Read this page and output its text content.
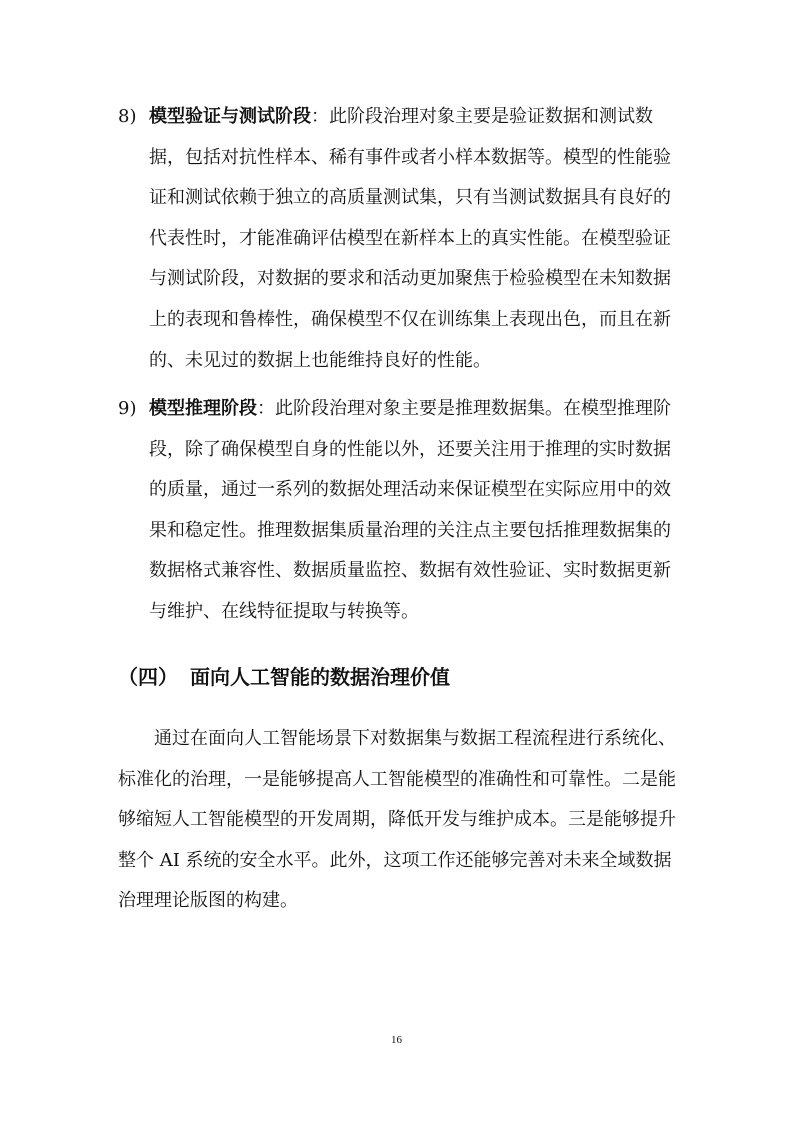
8) 模型验证与测试阶段：此阶段治理对象主要是验证数据和测试数据，包括对抗性样本、稀有事件或者小样本数据等。模型的性能验证和测试依赖于独立的高质量测试集，只有当测试数据具有良好的代表性时，才能准确评估模型在新样本上的真实性能。在模型验证与测试阶段，对数据的要求和活动更加聚焦于检验模型在未知数据上的表现和鲁棒性，确保模型不仅在训练集上表现出色，而且在新的、未见过的数据上也能维持良好的性能。
9) 模型推理阶段：此阶段治理对象主要是推理数据集。在模型推理阶段，除了确保模型自身的性能以外，还要关注用于推理的实时数据的质量，通过一系列的数据处理活动来保证模型在实际应用中的效果和稳定性。推理数据集质量治理的关注点主要包括推理数据集的数据格式兼容性、数据质量监控、数据有效性验证、实时数据更新与维护、在线特征提取与转换等。
（四） 面向人工智能的数据治理价值
通过在面向人工智能场景下对数据集与数据工程流程进行系统化、标准化的治理，一是能够提高人工智能模型的准确性和可靠性。二是能够缩短人工智能模型的开发周期，降低开发与维护成本。三是能够提升整个 AI 系统的安全水平。此外，这项工作还能够完善对未来全域数据治理理论版图的构建。
16
